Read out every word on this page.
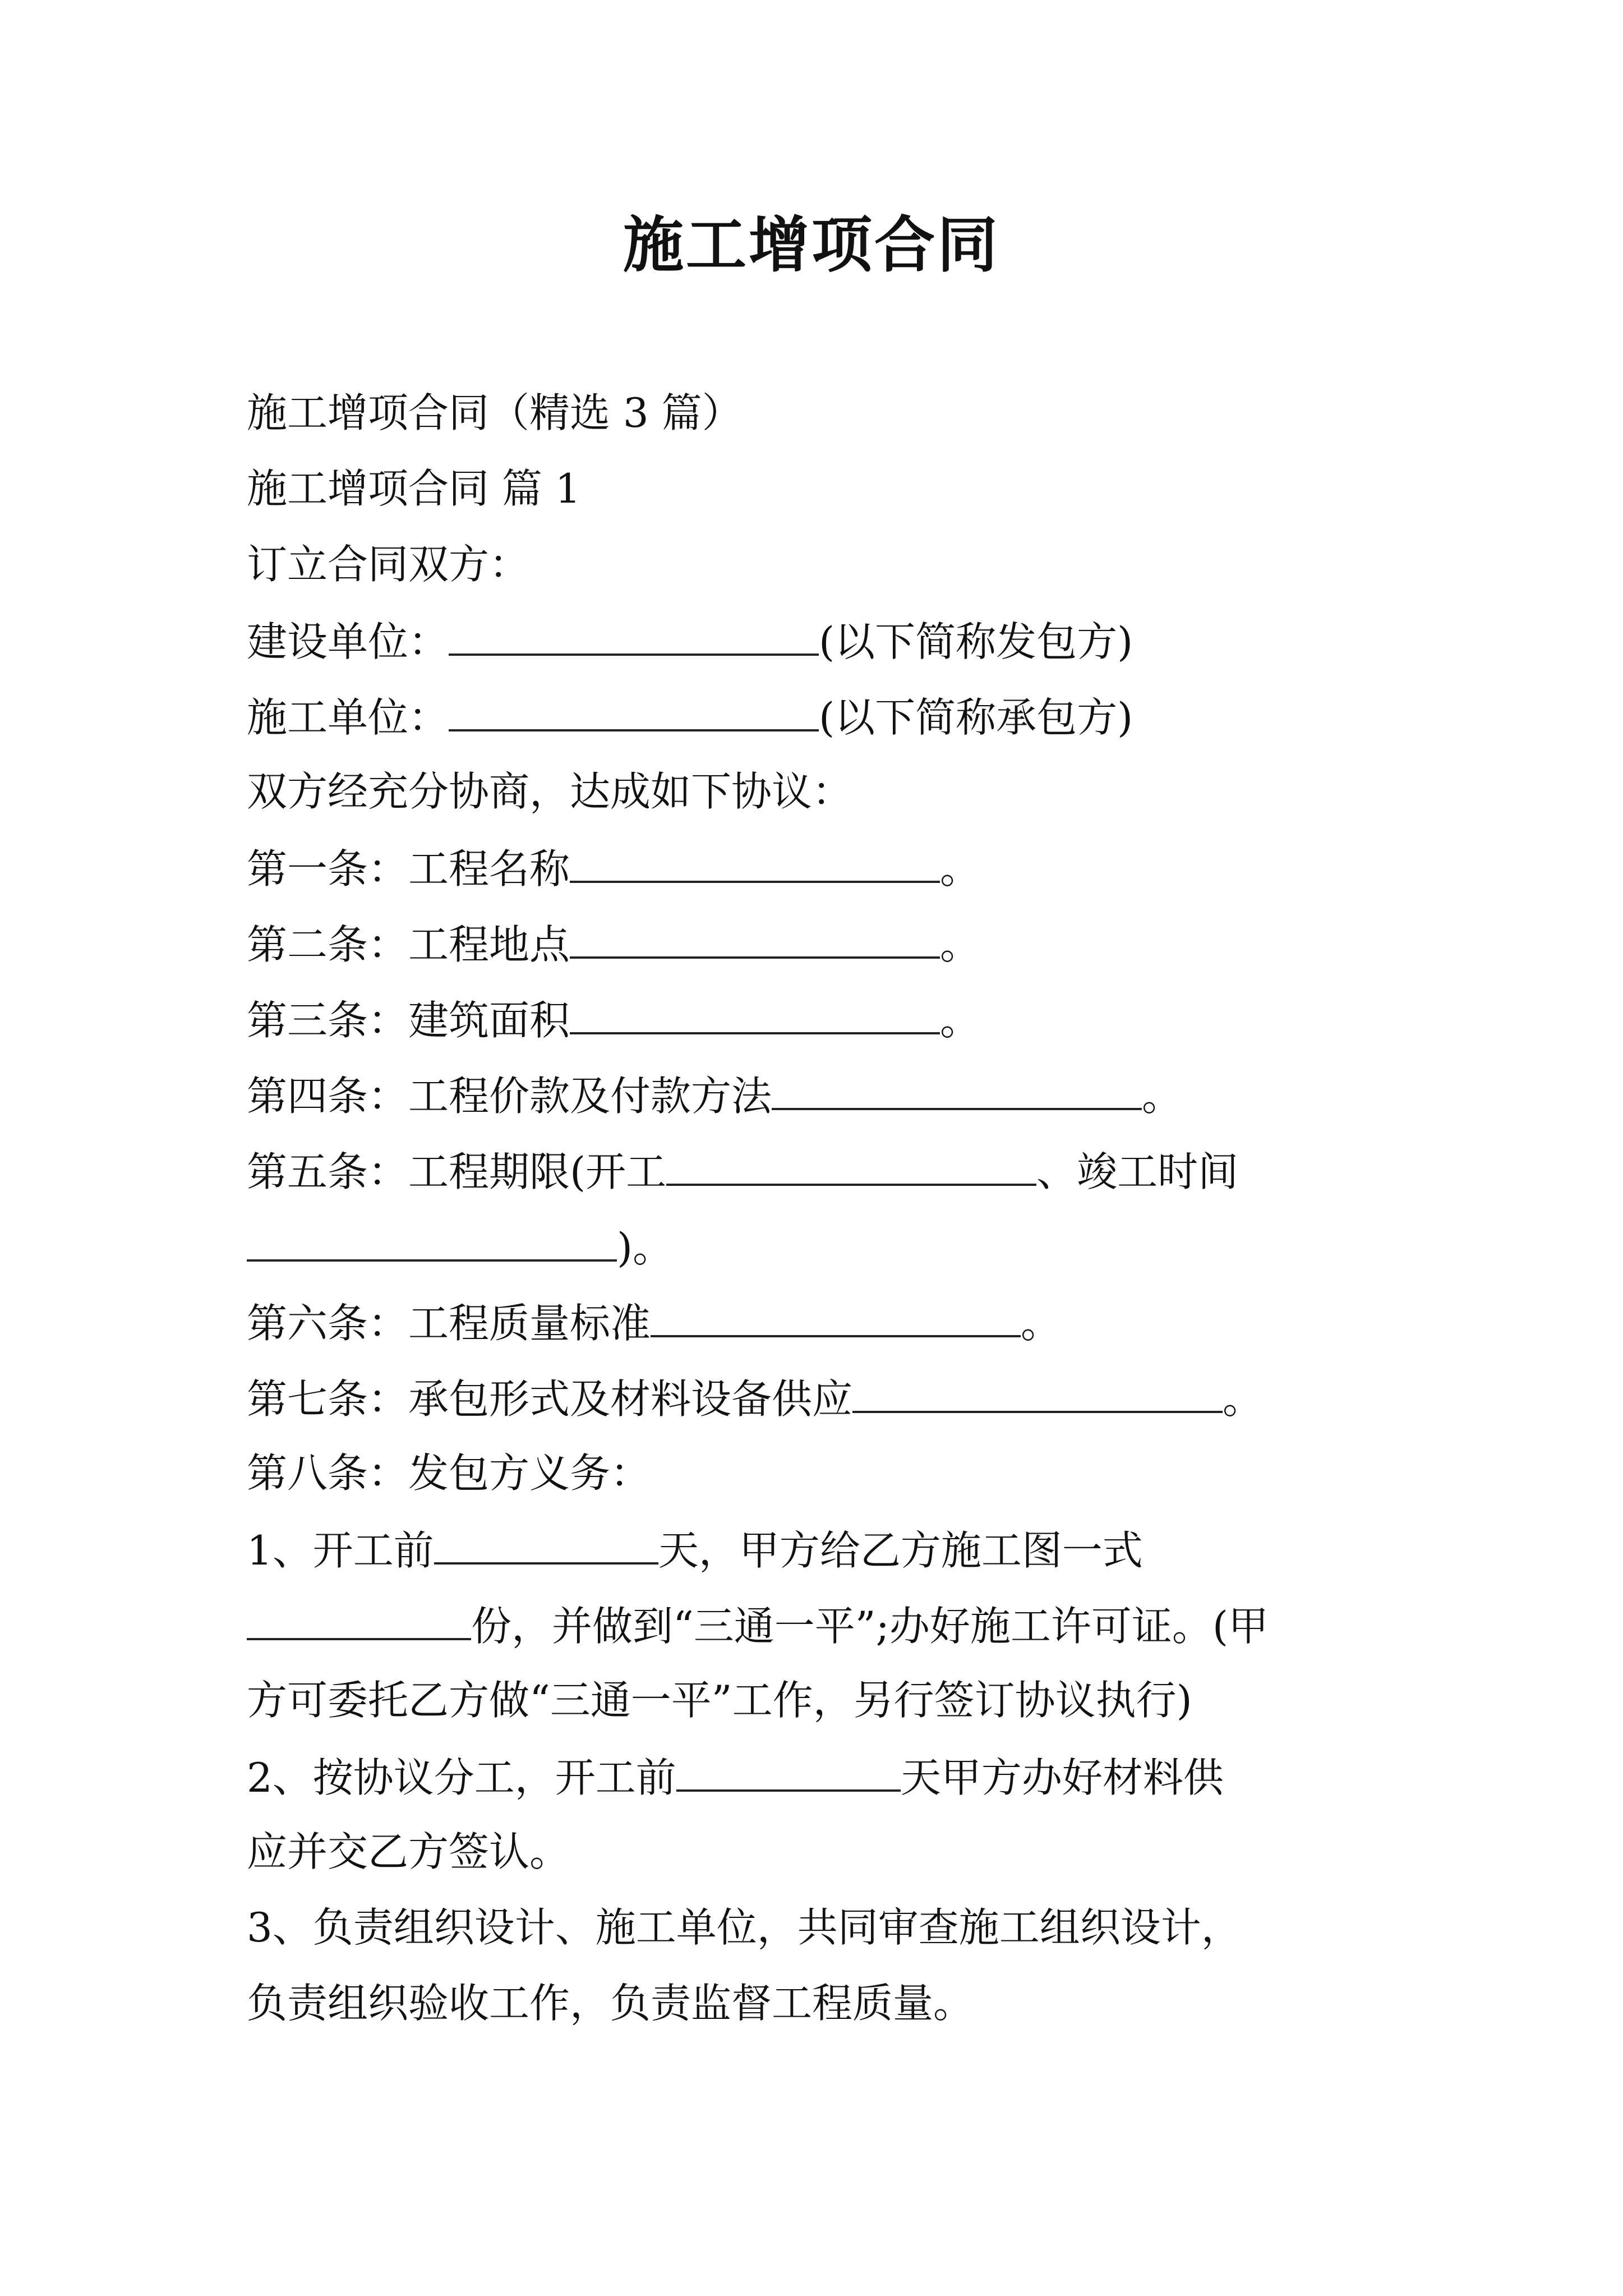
施工增项合同
施工增项合同（精选 3 篇）
施工增项合同 篇 1
订立合同双方：
建设单位：	(以下简称发包方)
施工单位：	(以下简称承包方)
双方经充分协商，达成如下协议：
第一条：工程名称	。
第二条：工程地点	。
第三条：建筑面积	。
第四条：工程价款及付款方法	。
第五条：工程期限(开工	、竣工时间
)。
第六条：工程质量标准	。
第七条：承包形式及材料设备供应	。
第八条：发包方义务：
1、开工前	天，甲方给乙方施工图一式
份，并做到“三通一平”;办好施工许可证。(甲
方可委托乙方做“三通一平”工作，另行签订协议执行)
2、按协议分工，开工前	天甲方办好材料供
应并交乙方签认。
3、负责组织设计、施工单位，共同审查施工组织设计，
负责组织验收工作，负责监督工程质量。
